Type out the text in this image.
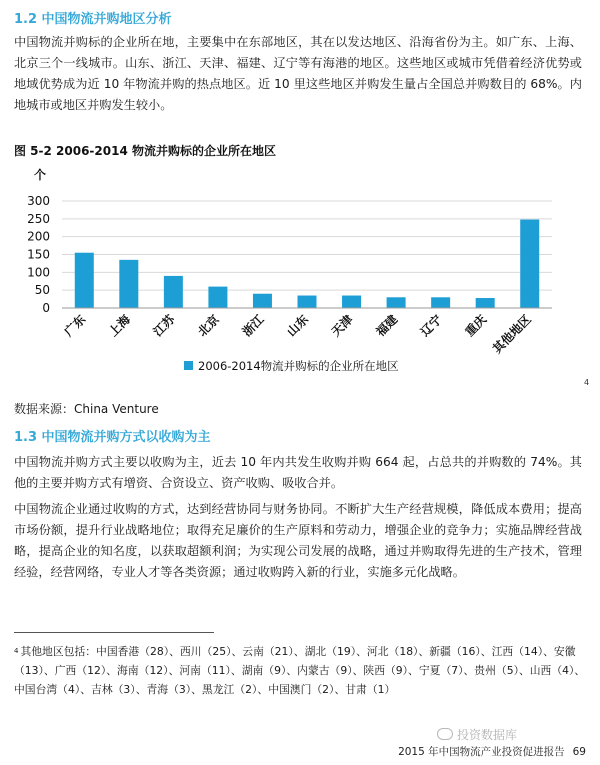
1.2 中国物流并购地区分析
中国物流并购标的企业所在地，主要集中在东部地区，其在以发达地区、沿海省份为主。如广东、上海、北京三个一线城市。山东、浙江、天津、福建、辽宁等有海港的地区。这些地区或城市凭借着经济优势或地域优势成为近 10 年物流并购的热点地区。近 10 里这些地区并购发生量占全国总并购数目的 68%。内地城市或地区并购发生较小。
图 5-2 2006-2014 物流并购标的企业所在地区
个
0
50
100
150
200
250
300
广东 上海 江苏 北京 浙江 山东 天津 福建 辽宁 重庆 其他地区
2006-2014物流并购标的企业所在地区
4
数据来源：China Venture
1.3 中国物流并购方式以收购为主
中国物流并购方式主要以收购为主，近去 10 年内共发生收购并购 664 起，占总共的并购数的 74%。其他的主要并购方式有增资、合资设立、资产收购、吸收合并。
中国物流企业通过收购的方式，达到经营协同与财务协同。不断扩大生产经营规模，降低成本费用；提高市场份额，提升行业战略地位；取得充足廉价的生产原料和劳动力，增强企业的竞争力；实施品牌经营战略，提高企业的知名度，以获取超额利润；为实现公司发展的战略，通过并购取得先进的生产技术，管理经验，经营网络，专业人才等各类资源；通过收购跨入新的行业，实施多元化战略。
$^4$ 其他地区包括：中国香港（28）、西川（25）、云南（21）、湖北（19）、河北（18）、新疆（16）、江西（14）、安徽（13）、广西（12）、海南（12）、河南（11）、湖南（9）、内蒙古（9）、陕西（9）、宁夏（7）、贵州（5）、山西（4）、中国台湾（4）、吉林（3）、青海（3）、黑龙江（2）、中国澳门（2）、甘肃（1）
投资数据库
2015 年中国物流产业投资促进报告 69
